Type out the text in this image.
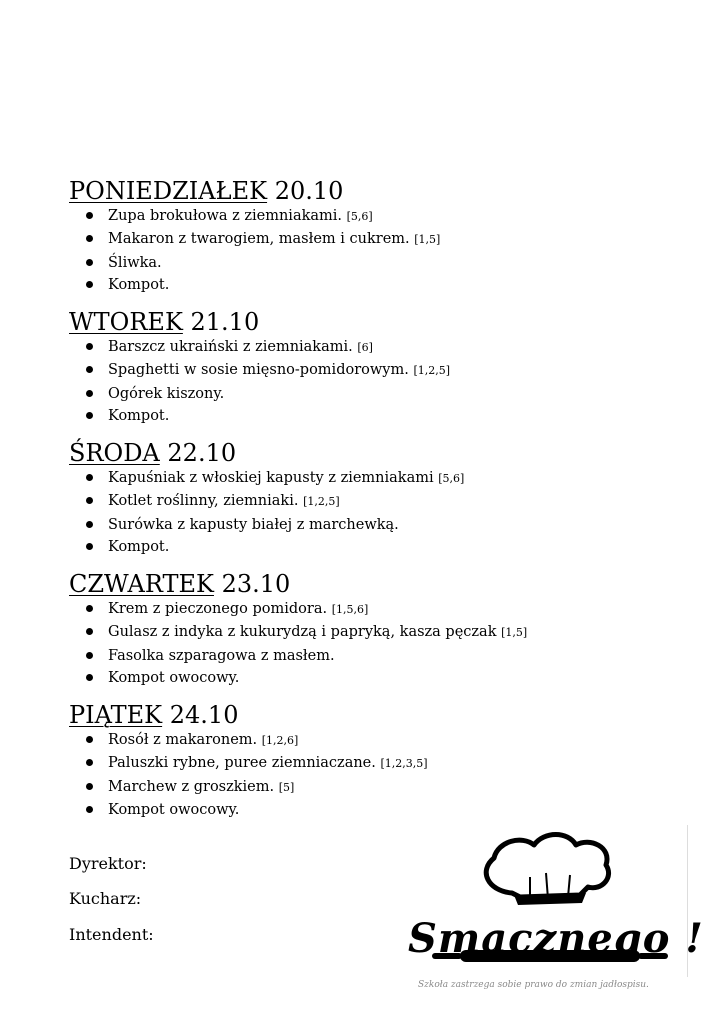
PONIEDZIAŁEK 20.10
Zupa brokułowa z ziemniakami. [5,6]
Makaron z twarogiem, masłem i cukrem. [1,5]
Śliwka.
Kompot.
WTOREK 21.10
Barszcz ukraiński z ziemniakami. [6]
Spaghetti w sosie mięsno-pomidorowym. [1,2,5]
Ogórek kiszony.
Kompot.
ŚRODA 22.10
Kapuśniak z włoskiej kapusty z ziemniakami [5,6]
Kotlet roślinny, ziemniaki. [1,2,5]
Surówka z kapusty białej z marchewką.
Kompot.
CZWARTEK 23.10
Krem z pieczonego pomidora. [1,5,6]
Gulasz z indyka z kukurydzą i papryką, kasza pęczak [1,5]
Fasolka szparagowa z masłem.
Kompot owocowy.
PIĄTEK 24.10
Rosół z makaronem. [1,2,6]
Paluszki rybne, puree ziemniaczane. [1,2,3,5]
Marchew z groszkiem. [5]
Kompot owocowy.
Dyrektor:
Kucharz:
Intendent:	Smacznego !
Szkoła zastrzega sobie prawo do zmian jadłospisu.
